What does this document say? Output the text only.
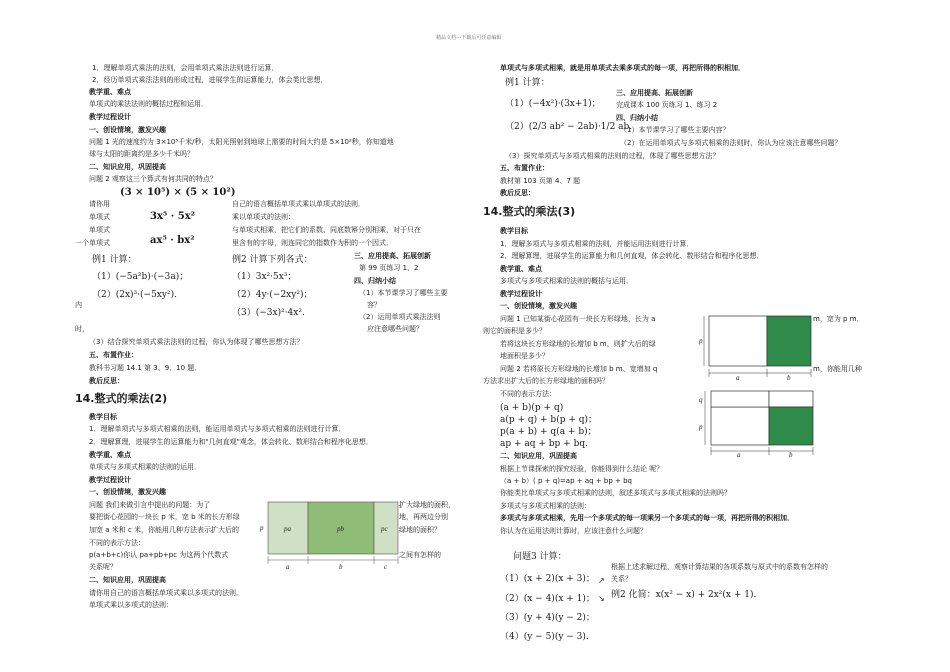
精品文档---下载后可任意编辑
1．理解单项式乘法的法则，会用单项式乘法法则进行运算．
2．经历单项式乘法法则的形成过程，进展学生的运算能力，体会类比思想．
教学重、难点
单项式的乘法法则的概括过程和运用．
教学过程设计
一、创设情境，激发兴趣
问题 1 光的速度约为 3×10⁵千米/秒，太阳光照射到地球上需要的时间大约是 5×10²秒，你知道地
球与太阳的距离约是多少千米吗？
二、知识应用，巩固提高
问题 2 观察这三个算式有何共同的特点？
请你用
单项式
单项式
一个单项式
自己的语言概括单项式乘以单项式的法则．
乘以单项式的法则：
与单项式相乘，把它们的系数、同底数幂分别相乘，对于只在
里含有的字母，则连同它的指数作为积的一个因式．
三、应用提高、拓展创新
第 99 页练习 1、2
四、归纳小结
（1）本节课学习了哪些主要
容？
内
（2）运用单项式乘法法则
应注意哪些问题？
时，
（3）结合探究单项式乘法法则的过程，你认为体现了哪些思想方法？
五、布置作业：
教科书习题 14.1 第 3、9、10 题．
教后反思：
教学目标
1．理解单项式与多项式相乘的法则，能运用单项式与多项式相乘的法则进行计算．
2．理解算理，进展学生的运算能力和"几何直观"观念，体会转化、数形结合和程序化思想．
教学重、难点
单项式与多项式相乘的法则的运用．
教学过程设计
一、创设情境，激发兴趣
问题 我们来做引言中提出的问题：为了
要把街心花园的一块长 p 米，宽 b 米的长方形绿
加宽 a 米和 c 米，你能用几种方法表示扩大后的
不同的表示方法：
p(a+b+c)你认 pa+pb+pc 为这两个代数式
关系呢？
扩大绿地的面积，
地，再两边分别
绿地的面积？
之间有怎样的
二、知识应用，巩固提高
请你用自己的语言概括单项式乘以多项式的法则．
单项式乘以多项式的法则：
单项式与多项式相乘，就是用单项式去乘多项式的每一项，再把所得的积相加．
三、应用提高、拓展创新
完成课本 100 页练习 1、练习 2
四、归纳小结
（1）本节课学习了哪些主要内容？
（2）在运用单项式与多项式相乘的法则时，你认为应该注意哪些问题？
（3）探究单项式与多项式相乘的法则的过程，体现了哪些思想方法？
五、布置作业：
教材第 103 页第 4、7 题
教后反思：
教学目标
1．理解多项式与多项式相乘的法则，并能运用法则进行计算．
2．理解算理，进展学生的运算能力和几何直观，体会转化、数形结合和程序化思想．
教学重、难点
多项式与多项式相乘的法则的概括与运用．
教学过程设计
一、创设情境，激发兴趣
问题 1 已知某街心花园有一块长方形绿地，长为 a
则它的面积是多少？
若将这块长方形绿地的长增加 b m，则扩大后的绿
地面积是多少？
问题 2 若将原长方形绿地的长增加 b m、宽增加 q
方法求出扩大后的长方形绿地的面积吗？
不同的表示方法：
二、知识应用，巩固提高
根据上节课探索的探究经验，你能得到什么结论 呢？
（a + b）( p + q)=ap + aq + bp + bq
你能类比单项式与多项式相乘的法则，叙述多项式与多项式相乘的法则吗？
多项式与多项式相乘的法则：
多项式与多项式相乘，先用一个多项式的每一项乘另一个多项式的每一项，再把所得的积相加．
你认为在运用法则计算时，应该注意什么问题？
根据上述求解过程，观察计算结果的各项系数与原式中的系数有怎样的
关系？
m，宽为 p m．
m，你能用几种
14.整式的乘法(2)
14.整式的乘法(3)
(3 × 10⁵) × (5 × 10²)
3x⁵ · 5x²
ax⁵ · bx²
例1 计算：
（1）(−5a²b)·(−3a)；
（2）(2x)³·(−5xy²)．
例2 计算下列各式：
（1）3x²·5x³；
（2）4y·(−2xy²)；
（3）(−3x)²·4x²．
例1 计算：
（1）(−4x²)·(3x+1)；
（2）(2/3 ab² − 2ab)·1/2 ab．
(a + b)(p + q)
a(p + q) + b(p + q)；
p(a + b) + q(a + b)；
ap + aq + bp + bq．
问题3 计算：
（1）(x + 2)(x + 3)；
（2）(x − 4)(x + 1)；
（3）(y + 4)(y − 2)；
（4）(y − 5)(y − 3)．
例2 化简：x(x² − x) + 2x²(x + 1)．
pa	pb	pc
a	b	c
p
a	b
p
a	b
p
q
↗
↘
